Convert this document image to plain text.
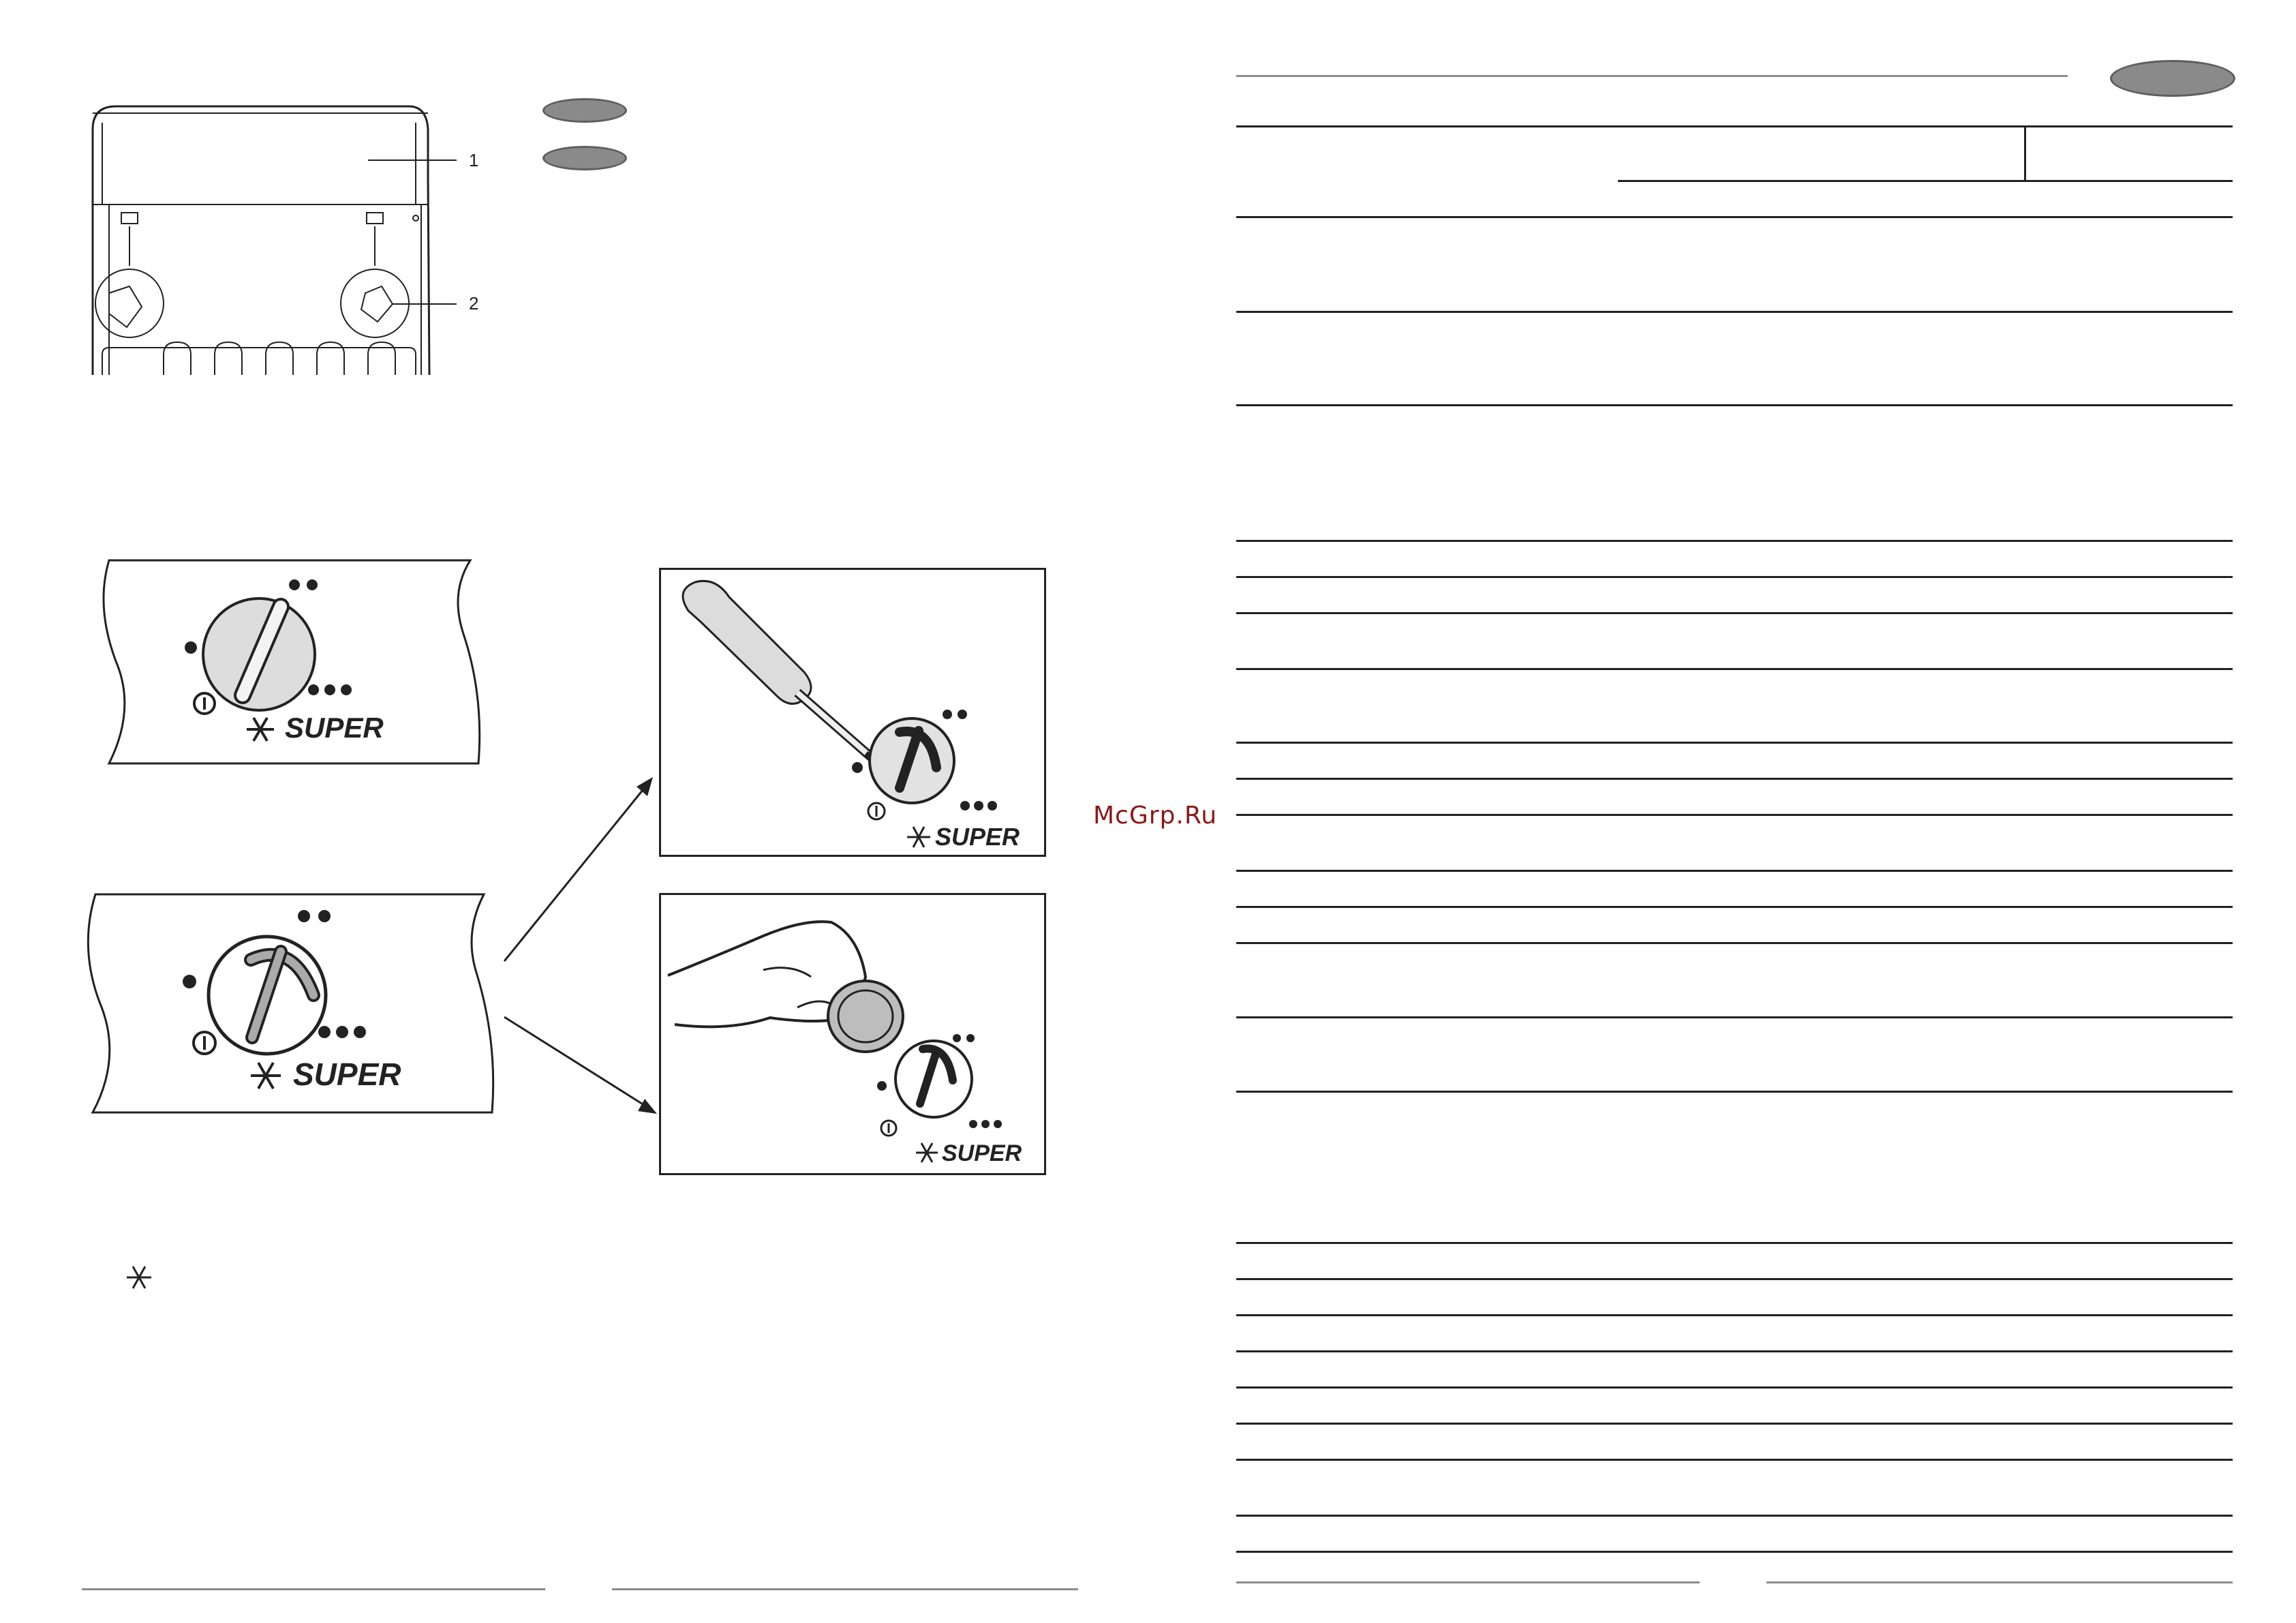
1
2
SUPER
SUPER
SUPER
SUPER
McGrp.Ru
